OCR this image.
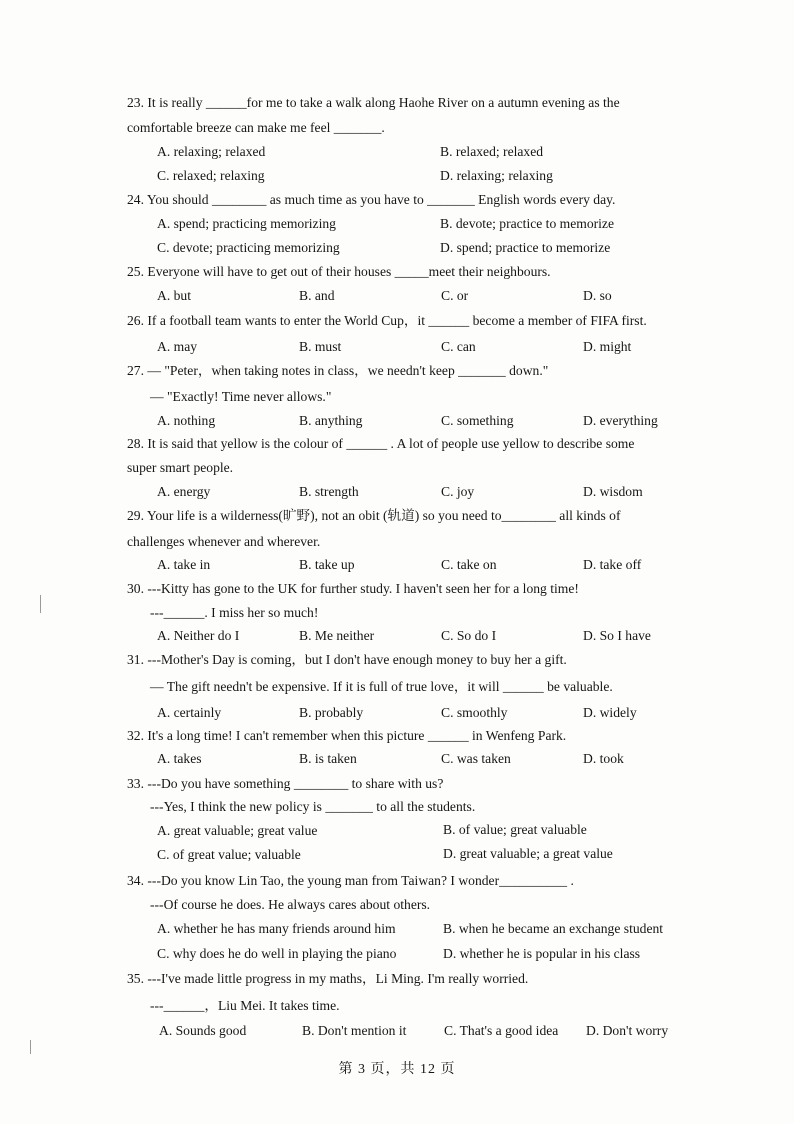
23. It is really ______for me to take a walk along Haohe River on a autumn evening as the
comfortable breeze can make me feel _______.
A. relaxing; relaxed	B. relaxed; relaxed
C. relaxed; relaxing	D. relaxing; relaxing
24. You should ________ as much time as you have to _______ English words every day.
A. spend; practicing memorizing	B. devote; practice to memorize
C. devote; practicing memorizing	D. spend; practice to memorize
25. Everyone will have to get out of their houses _____meet their neighbours.
A. but	B. and	C. or	D. so
26. If a football team wants to enter the World Cup，it ______ become a member of FIFA first.
A. may	B. must	C. can	D. might
27. — "Peter，when taking notes in class，we needn't keep _______ down."
— "Exactly! Time never allows."
A. nothing	B. anything	C. something	D. everything
28. It is said that yellow is the colour of ______ . A lot of people use yellow to describe some
super smart people.
A. energy	B. strength	C. joy	D. wisdom
29. Your life is a wilderness(旷野), not an obit (轨道) so you need to________ all kinds of
challenges whenever and wherever.
A. take in	B. take up	C. take on	D. take off
30. ---Kitty has gone to the UK for further study. I haven't seen her for a long time!
---______. I miss her so much!
A. Neither do I	B. Me neither	C. So do I	D. So I have
31. ---Mother's Day is coming，but I don't have enough money to buy her a gift.
— The gift needn't be expensive. If it is full of true love，it will ______ be valuable.
A. certainly	B. probably	C. smoothly	D. widely
32. It's a long time! I can't remember when this picture ______ in Wenfeng Park.
A. takes	B. is taken	C. was taken	D. took
33. ---Do you have something ________ to share with us?
---Yes, I think the new policy is _______ to all the students.
A. great valuable; great value	B. of value; great valuable
C. of great value; valuable	D. great valuable; a great value
34. ---Do you know Lin Tao, the young man from Taiwan? I wonder__________ .
---Of course he does. He always cares about others.
A. whether he has many friends around him	B. when he became an exchange student
C. why does he do well in playing the piano	D. whether he is popular in his class
35. ---I've made little progress in my maths，Li Ming. I'm really worried.
---______，Liu Mei. It takes time.
A. Sounds good	B. Don't mention it	C. That's a good idea D. Don't worry
第 3 页，共 12 页
